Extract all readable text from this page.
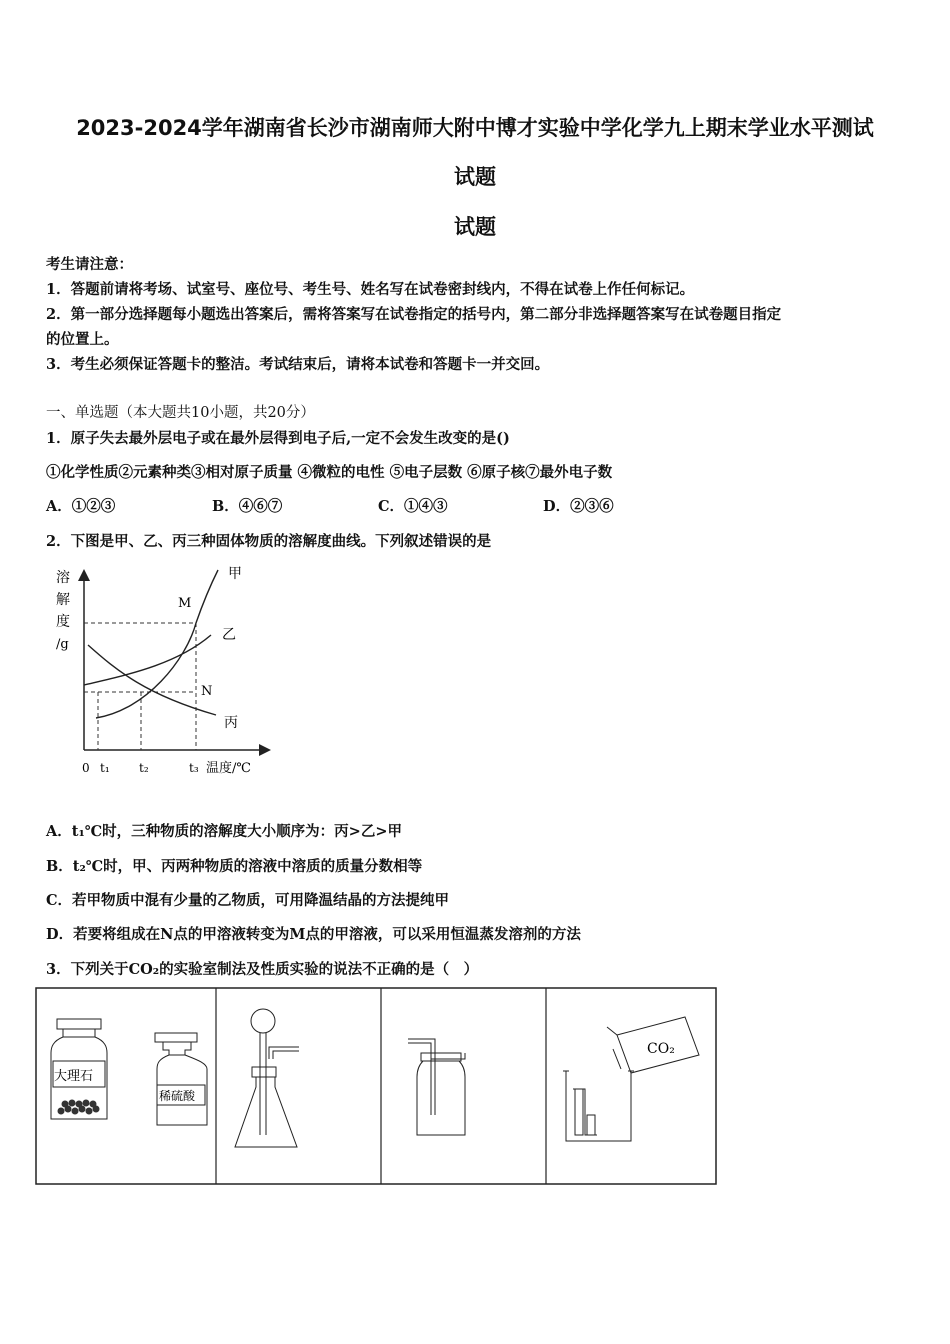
2023-2024学年湖南省长沙市湖南师大附中博才实验中学化学九上期末学业水平测试
试题
试题
考生请注意：
1．答题前请将考场、试室号、座位号、考生号、姓名写在试卷密封线内，不得在试卷上作任何标记。
2．第一部分选择题每小题选出答案后，需将答案写在试卷指定的括号内，第二部分非选择题答案写在试卷题目指定
的位置上。
3．考生必须保证答题卡的整洁。考试结束后，请将本试卷和答题卡一并交回。
一、单选题（本大题共10小题，共20分）
1．原子失去最外层电子或在最外层得到电子后,一定不会发生改变的是()
①化学性质②元素种类③相对原子质量 ④微粒的电性 ⑤电子层数 ⑥原子核⑦最外电子数
A．①②③	B．④⑥⑦	C．①④③	D．②③⑥
2．下图是甲、乙、丙三种固体物质的溶解度曲线。下列叙述错误的是
溶
解
度
/g
甲
M
乙
N
丙
0 t₁ t₂	t₃ 温度/℃
A．t₁℃时，三种物质的溶解度大小顺序为：丙>乙>甲
B．t₂℃时，甲、丙两种物质的溶液中溶质的质量分数相等
C．若甲物质中混有少量的乙物质，可用降温结晶的方法提纯甲
D．若要将组成在N点的甲溶液转变为M点的甲溶液，可以采用恒温蒸发溶剂的方法
3．下列关于CO₂的实验室制法及性质实验的说法不正确的是（　）
大理石
稀硫酸
CO₂
